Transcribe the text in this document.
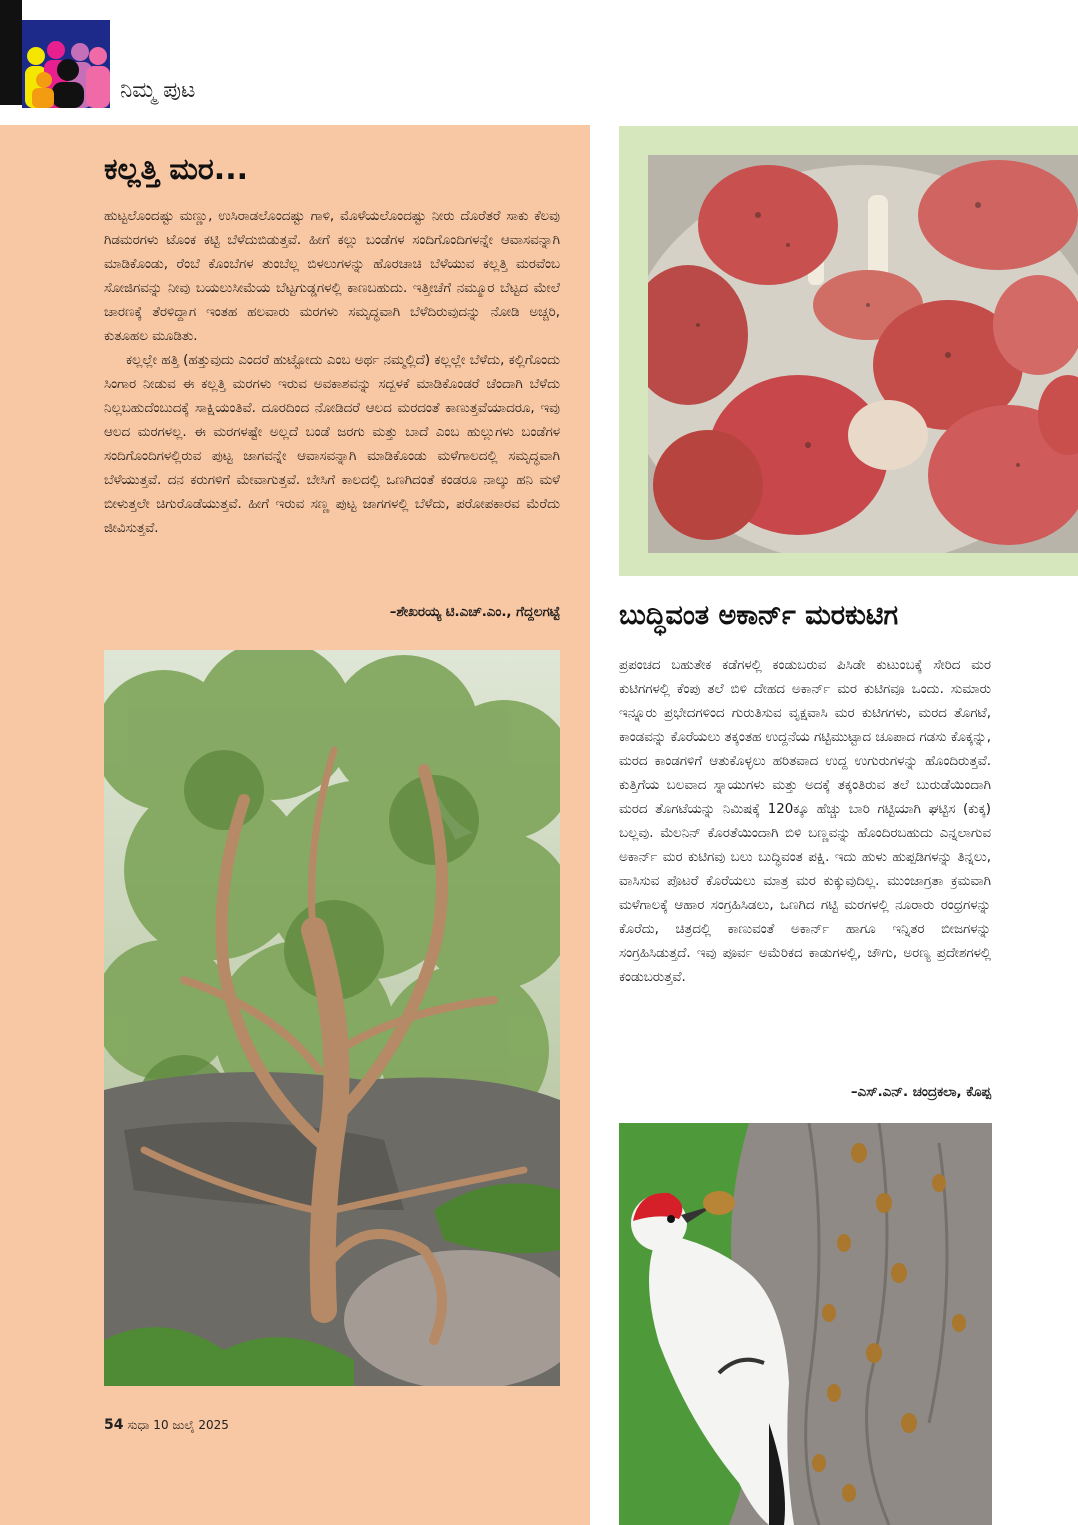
ನಿಮ್ಮ ಪುಟ
ಕಲ್ಲತ್ತಿ ಮರ...

ಹುಟ್ಟಲೊಂದಷ್ಟು ಮಣ್ಣು, ಉಸಿರಾಡಲೊಂದಷ್ಟು ಗಾಳಿ, ಮೊಳೆಯಲೊಂದಷ್ಟು ನೀರು ದೊರೆತರೆ ಸಾಕು ಕೆಲವು ಗಿಡಮರಗಳು ಟೊಂಕ ಕಟ್ಟಿ ಬೆಳೆದುಬಿಡುತ್ತವೆ. ಹೀಗೆ ಕಲ್ಲು ಬಂಡೆಗಳ ಸಂದಿಗೊಂದಿಗಳನ್ನೇ ಆವಾಸವನ್ನಾಗಿ ಮಾಡಿಕೊಂಡು, ರೆಂಬೆ ಕೊಂಬೆಗಳ ತುಂಬೆಲ್ಲ ಬಿಳಲುಗಳನ್ನು ಹೊರಚಾಚಿ ಬೆಳೆಯುವ ಕಲ್ಲತ್ತಿ ಮರವೆಂಬ ಸೋಜಿಗವನ್ನು ನೀವು ಬಯಲುಸೀಮೆಯ ಬೆಟ್ಟಗುಡ್ಡಗಳಲ್ಲಿ ಕಾಣಬಹುದು. ಇತ್ತೀಚೆಗೆ ನಮ್ಮೂರ ಬೆಟ್ಟದ ಮೇಲೆ ಚಾರಣಕ್ಕೆ ತೆರಳಿದ್ದಾಗ ಇಂತಹ ಹಲವಾರು ಮರಗಳು ಸಮೃದ್ಧವಾಗಿ ಬೆಳೆದಿರುವುದನ್ನು ನೋಡಿ ಅಚ್ಚರಿ, ಕುತೂಹಲ ಮೂಡಿತು.

ಕಲ್ಲಲ್ಲೇ ಹತ್ತಿ (ಹತ್ತುವುದು ಎಂದರೆ ಹುಟ್ಟೋದು ಎಂಬ ಅರ್ಥ ನಮ್ಮಲ್ಲಿದೆ) ಕಲ್ಲಲ್ಲೇ ಬೆಳೆದು, ಕಲ್ಲಿಗೊಂದು ಸಿಂಗಾರ ನೀಡುವ ಈ ಕಲ್ಲತ್ತಿ ಮರಗಳು ಇರುವ ಅವಕಾಶವನ್ನು ಸದ್ಬಳಕೆ ಮಾಡಿಕೊಂಡರೆ ಚೆಂದಾಗಿ ಬೆಳೆದು ನಿಲ್ಲಬಹುದೆಂಬುದಕ್ಕೆ ಸಾಕ್ಷಿಯಂತಿವೆ. ದೂರದಿಂದ ನೋಡಿದರೆ ಆಲದ ಮರದಂತೆ ಕಾಣುತ್ತವೆಯಾದರೂ, ಇವು ಆಲದ ಮರಗಳಲ್ಲ. ಈ ಮರಗಳಷ್ಟೇ ಅಲ್ಲದೆ ಬಂಡೆ ಜರಗು ಮತ್ತು ಬಾದೆ ಎಂಬ ಹುಲ್ಲುಗಳು ಬಂಡೆಗಳ ಸಂದಿಗೊಂದಿಗಳಲ್ಲಿರುವ ಪುಟ್ಟ ಜಾಗವನ್ನೇ ಆವಾಸವನ್ನಾಗಿ ಮಾಡಿಕೊಂಡು ಮಳೆಗಾಲದಲ್ಲಿ ಸಮೃದ್ಧವಾಗಿ ಬೆಳೆಯುತ್ತವೆ. ದನ ಕರುಗಳಿಗೆ ಮೇವಾಗುತ್ತವೆ. ಬೇಸಿಗೆ ಕಾಲದಲ್ಲಿ ಒಣಗಿದಂತೆ ಕಂಡರೂ ನಾಲ್ಕು ಹನಿ ಮಳೆ ಬೀಳುತ್ತಲೇ ಚಿಗುರೊಡೆಯುತ್ತವೆ. ಹೀಗೆ ಇರುವ ಸಣ್ಣ ಪುಟ್ಟ ಜಾಗಗಳಲ್ಲಿ ಬೆಳೆದು, ಪರೋಪಕಾರವ ಮೆರೆದು ಜೀವಿಸುತ್ತವೆ.

–ಶೇಖರಯ್ಯ ಟಿ.ಎಚ್.ಎಂ., ಗೆದ್ದಲಗಟ್ಟೆ
54 ಸುಧಾ 10 ಜುಲೈ 2025
ಬುದ್ಧಿವಂತ ಅಕಾರ್ನ್ ಮರಕುಟಿಗ

ಪ್ರಪಂಚದ ಬಹುತೇಕ ಕಡೆಗಳಲ್ಲಿ ಕಂಡುಬರುವ ಪಿಸಿಡೇ ಕುಟುಂಬಕ್ಕೆ ಸೇರಿದ ಮರ ಕುಟಿಗಗಳಲ್ಲಿ ಕೆಂಪು ತಲೆ ಬಿಳಿ ದೇಹದ ಅಕಾರ್ನ್ ಮರ ಕುಟಿಗವೂ ಒಂದು. ಸುಮಾರು ಇನ್ನೂರು ಪ್ರಭೇದಗಳಿಂದ ಗುರುತಿಸುವ ವೃಕ್ಷವಾಸಿ ಮರ ಕುಟಿಗಗಳು, ಮರದ ತೊಗಟೆ, ಕಾಂಡವನ್ನು ಕೊರೆಯಲು ತಕ್ಕಂತಹ ಉದ್ದನೆಯ ಗಟ್ಟಿಮುಟ್ಟಾದ ಚೂಪಾದ ಗಡಸು ಕೊಕ್ಕನ್ನು, ಮರದ ಕಾಂಡಗಳಿಗೆ ಆತುಕೊಳ್ಳಲು ಹರಿತವಾದ ಉದ್ದ ಉಗುರುಗಳನ್ನು ಹೊಂದಿರುತ್ತವೆ. ಕುತ್ತಿಗೆಯ ಬಲವಾದ ಸ್ನಾಯುಗಳು ಮತ್ತು ಅದಕ್ಕೆ ತಕ್ಕಂತಿರುವ ತಲೆ ಬುರುಡೆಯಿಂದಾಗಿ ಮರದ ತೊಗಟೆಯನ್ನು ನಿಮಿಷಕ್ಕೆ 120ಕ್ಕೂ ಹೆಚ್ಚು ಬಾರಿ ಗಟ್ಟಿಯಾಗಿ ಘಟ್ಟಿಸ (ಕುಕ್ಕ) ಬಲ್ಲವು. ಮೆಲನಿನ್ ಕೊರತೆಯಿಂದಾಗಿ ಬಿಳಿ ಬಣ್ಣವನ್ನು ಹೊಂದಿರಬಹುದು ಎನ್ನಲಾಗುವ ಅಕಾರ್ನ್ ಮರ ಕುಟಿಗವು ಬಲು ಬುದ್ಧಿವಂತ ಪಕ್ಷಿ. ಇದು ಹುಳು ಹುಪ್ಪಡಿಗಳನ್ನು ತಿನ್ನಲು, ವಾಸಿಸುವ ಪೊಟರೆ ಕೊರೆಯಲು ಮಾತ್ರ ಮರ ಕುಕ್ಕುವುದಿಲ್ಲ. ಮುಂಜಾಗ್ರತಾ ಕ್ರಮವಾಗಿ ಮಳೆಗಾಲಕ್ಕೆ ಆಹಾರ ಸಂಗ್ರಹಿಸಿಡಲು, ಒಣಗಿದ ಗಟ್ಟಿ ಮರಗಳಲ್ಲಿ ನೂರಾರು ರಂಧ್ರಗಳನ್ನು ಕೊರೆದು, ಚಿತ್ರದಲ್ಲಿ ಕಾಣುವಂತೆ ಅಕಾರ್ನ್ ಹಾಗೂ ಇನ್ನಿತರ ಬೀಜಗಳನ್ನು ಸಂಗ್ರಹಿಸಿಡುತ್ತದೆ. ಇವು ಪೂರ್ವ ಅಮೆರಿಕದ ಕಾಡುಗಳಲ್ಲಿ, ಜೌಗು, ಅರಣ್ಯ ಪ್ರದೇಶಗಳಲ್ಲಿ ಕಂಡುಬರುತ್ತವೆ.

–ಎಸ್.ಎನ್. ಚಂದ್ರಕಲಾ, ಕೊಪ್ಪ
